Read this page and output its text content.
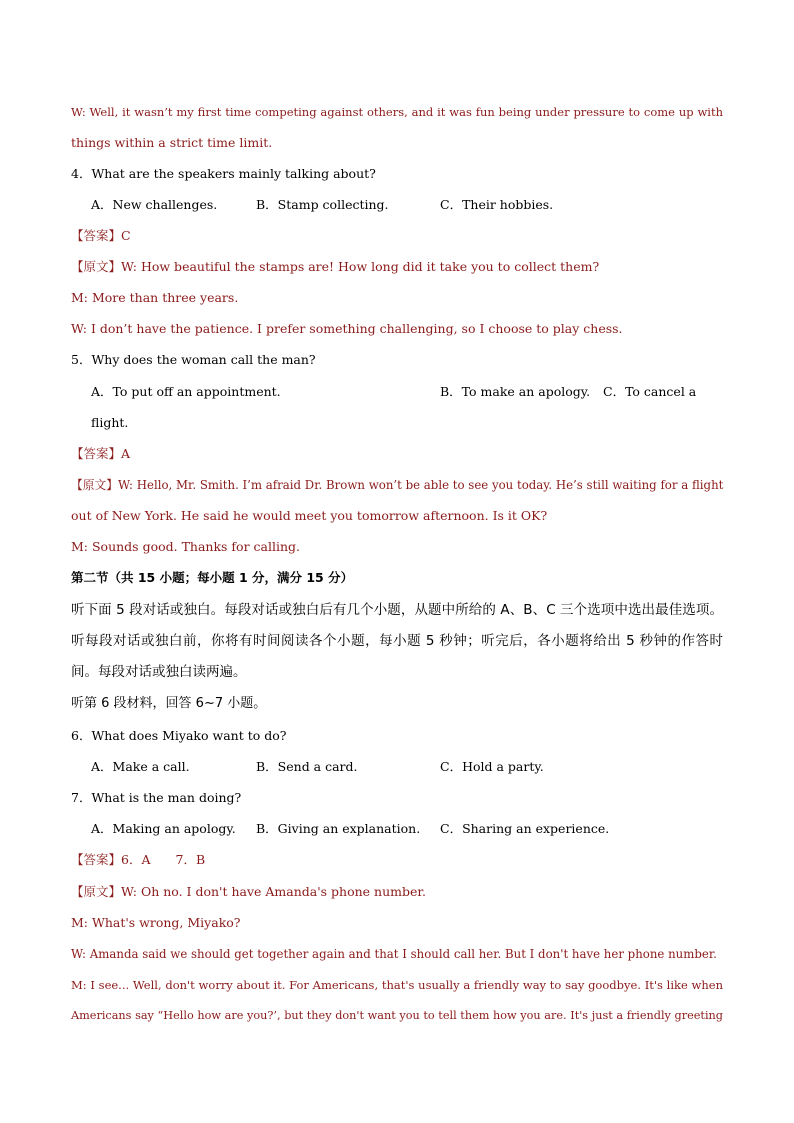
W: Well, it wasn’t my first time competing against others, and it was fun being under pressure to come up with
things within a strict time limit.
4．What are the speakers mainly talking about?
A．New challenges.	B．Stamp collecting.	C．Their hobbies.
【答案】C
【原文】W: How beautiful the stamps are! How long did it take you to collect them?
M: More than three years.
W: I don’t have the patience. I prefer something challenging, so I choose to play chess.
5．Why does the woman call the man?
A．To put off an appointment.	B．To make an apology. C．To cancel a
flight.
【答案】A
【原文】W: Hello, Mr. Smith. I’m afraid Dr. Brown won’t be able to see you today. He’s still waiting for a flight
out of New York. He said he would meet you tomorrow afternoon. Is it OK?
M: Sounds good. Thanks for calling.
第二节（共 15 小题；每小题 1 分，满分 15 分）
听下面 5 段对话或独白。每段对话或独白后有几个小题，从题中所给的 A、B、C 三个选项中选出最佳选项。
听每段对话或独白前，你将有时间阅读各个小题，每小题 5 秒钟；听完后，各小题将给出 5 秒钟的作答时
间。每段对话或独白读两遍。
听第 6 段材料，回答 6~7 小题。
6．What does Miyako want to do?
A．Make a call.	B．Send a card.	C．Hold a party.
7．What is the man doing?
A．Making an apology. B．Giving an explanation. C．Sharing an experience.
【答案】6．A　　7．B
【原文】W: Oh no. I don't have Amanda's phone number.
M: What's wrong, Miyako?
W: Amanda said we should get together again and that I should call her. But I don't have her phone number.
M: I see... Well, don't worry about it. For Americans, that's usually a friendly way to say goodbye. It's like when
Americans say “Hello how are you?’, but they don't want you to tell them how you are. It's just a friendly greeting
